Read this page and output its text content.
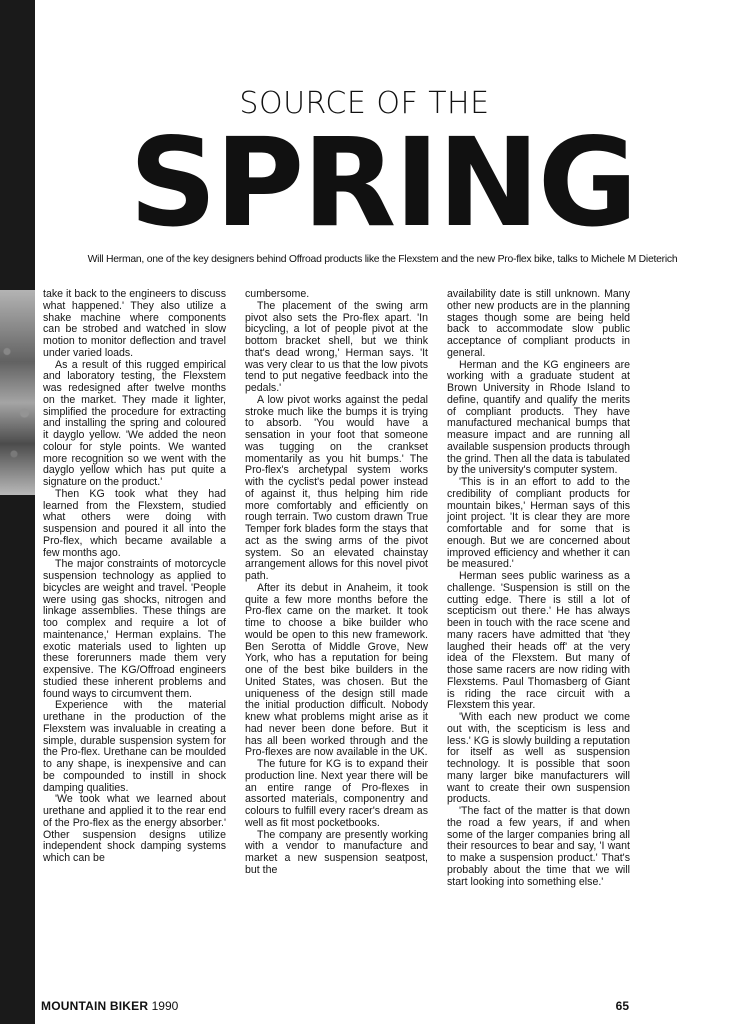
SOURCE OF THE
SPRING
Will Herman, one of the key designers behind Offroad products like the Flexstem and the new Pro-flex bike, talks to Michele M Dieterich

take it back to the engineers to discuss what happened.' They also utilize a shake machine where components can be strobed and watched in slow motion to monitor deflection and travel under varied loads.

As a result of this rugged empirical and laboratory testing, the Flexstem was redesigned after twelve months on the market. They made it lighter, simplified the procedure for extracting and installing the spring and coloured it dayglo yellow. 'We added the neon colour for style points. We wanted more recognition so we went with the dayglo yellow which has put quite a signature on the product.'

Then KG took what they had learned from the Flexstem, studied what others were doing with suspension and poured it all into the Pro-flex, which became available a few months ago.

The major constraints of motorcycle suspension technology as applied to bicycles are weight and travel. 'People were using gas shocks, nitrogen and linkage assemblies. These things are too complex and require a lot of maintenance,' Herman explains. The exotic materials used to lighten up these forerunners made them very expensive. The KG/Offroad engineers studied these inherent problems and found ways to circumvent them.

Experience with the material urethane in the production of the Flexstem was invaluable in creating a simple, durable suspension system for the Pro-flex. Urethane can be moulded to any shape, is inexpensive and can be compounded to instill in shock damping qualities.

'We took what we learned about urethane and applied it to the rear end of the Pro-flex as the energy absorber.' Other suspension designs utilize independent shock damping systems which can be

cumbersome.

The placement of the swing arm pivot also sets the Pro-flex apart. 'In bicycling, a lot of people pivot at the bottom bracket shell, but we think that's dead wrong,' Herman says. 'It was very clear to us that the low pivots tend to put negative feedback into the pedals.'

A low pivot works against the pedal stroke much like the bumps it is trying to absorb. 'You would have a sensation in your foot that someone was tugging on the crankset momentarily as you hit bumps.' The Pro-flex's archetypal system works with the cyclist's pedal power instead of against it, thus helping him ride more comfortably and efficiently on rough terrain. Two custom drawn True Temper fork blades form the stays that act as the swing arms of the pivot system. So an elevated chainstay arrangement allows for this novel pivot path.

After its debut in Anaheim, it took quite a few more months before the Pro-flex came on the market. It took time to choose a bike builder who would be open to this new framework. Ben Serotta of Middle Grove, New York, who has a reputation for being one of the best bike builders in the United States, was chosen. But the uniqueness of the design still made the initial production difficult. Nobody knew what problems might arise as it had never been done before. But it has all been worked through and the Pro-flexes are now available in the UK.

The future for KG is to expand their production line. Next year there will be an entire range of Pro-flexes in assorted materials, componentry and colours to fulfill every racer's dream as well as fit most pocketbooks.

The company are presently working with a vendor to manufacture and market a new suspension seatpost, but the

availability date is still unknown. Many other new products are in the planning stages though some are being held back to accommodate slow public acceptance of compliant products in general.

Herman and the KG engineers are working with a graduate student at Brown University in Rhode Island to define, quantify and qualify the merits of compliant products. They have manufactured mechanical bumps that measure impact and are running all available suspension products through the grind. Then all the data is tabulated by the university's computer system.

'This is in an effort to add to the credibility of compliant products for mountain bikes,' Herman says of this joint project. 'It is clear they are more comfortable and for some that is enough. But we are concerned about improved efficiency and whether it can be measured.'

Herman sees public wariness as a challenge. 'Suspension is still on the cutting edge. There is still a lot of scepticism out there.' He has always been in touch with the race scene and many racers have admitted that 'they laughed their heads off' at the very idea of the Flexstem. But many of those same racers are now riding with Flexstems. Paul Thomasberg of Giant is riding the race circuit with a Flexstem this year.

'With each new product we come out with, the scepticism is less and less.' KG is slowly building a reputation for itself as well as suspension technology. It is possible that soon many larger bike manufacturers will want to create their own suspension products.

'The fact of the matter is that down the road a few years, if and when some of the larger companies bring all their resources to bear and say, 'I want to make a suspension product.' That's probably about the time that we will start looking into something else.'

MOUNTAIN BIKER 1990	65
